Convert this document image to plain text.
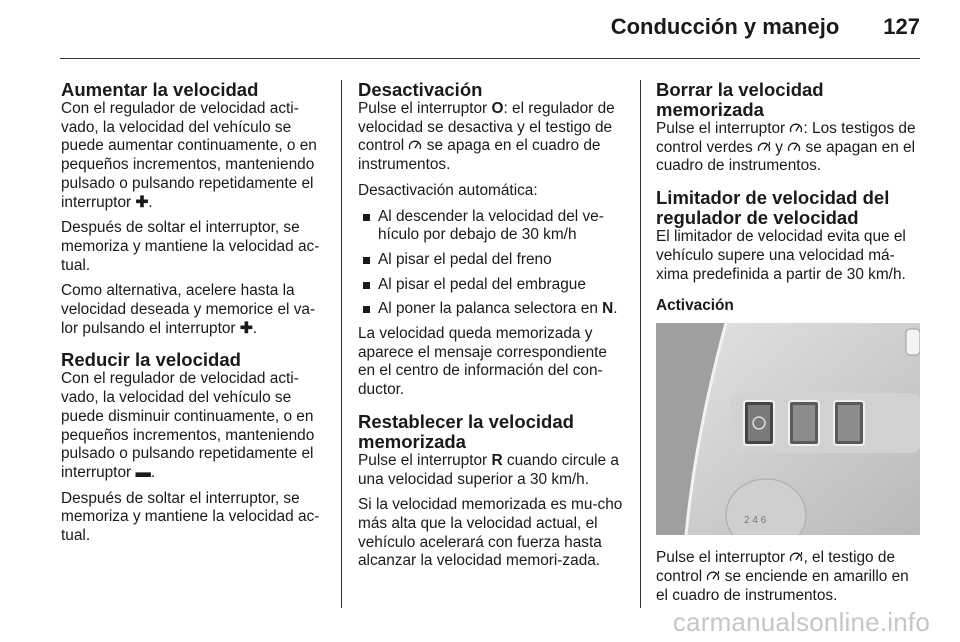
Conducción y manejo 127
Aumentar la velocidad

Con el regulador de velocidad acti-vado, la velocidad del vehículo se puede aumentar continuamente, o en pequeños incrementos, manteniendo pulsado o pulsando repetidamente el interruptor ✚.

Después de soltar el interruptor, se memoriza y mantiene la velocidad ac-tual.

Como alternativa, acelere hasta la velocidad deseada y memorice el va-lor pulsando el interruptor ✚.

Reducir la velocidad

Con el regulador de velocidad acti-vado, la velocidad del vehículo se puede disminuir continuamente, o en pequeños incrementos, manteniendo pulsado o pulsando repetidamente el interruptor ▬.

Después de soltar el interruptor, se memoriza y mantiene la velocidad ac-tual.

Desactivación

Pulse el interruptor O: el regulador de velocidad se desactiva y el testigo de control se apaga en el cuadro de instrumentos.

Desactivación automática:

Al descender la velocidad del ve-hículo por debajo de 30 km/h
Al pisar el pedal del freno
Al pisar el pedal del embrague
Al poner la palanca selectora en N.

La velocidad queda memorizada y aparece el mensaje correspondiente en el centro de información del con-ductor.

Restablecer la velocidad memorizada

Pulse el interruptor R cuando circule a una velocidad superior a 30 km/h.

Si la velocidad memorizada es mu-cho más alta que la velocidad actual, el vehículo acelerará con fuerza hasta alcanzar la velocidad memori-zada.

Borrar la velocidad memorizada

Pulse el interruptor : Los testigos de control verdes y se apagan en el cuadro de instrumentos.

Limitador de velocidad del regulador de velocidad

El limitador de velocidad evita que el vehículo supere una velocidad má-xima predefinida a partir de 30 km/h.

Activación
2 4 6

Pulse el interruptor , el testigo de control se enciende en amarillo en el cuadro de instrumentos.

carmanualsonline.info
